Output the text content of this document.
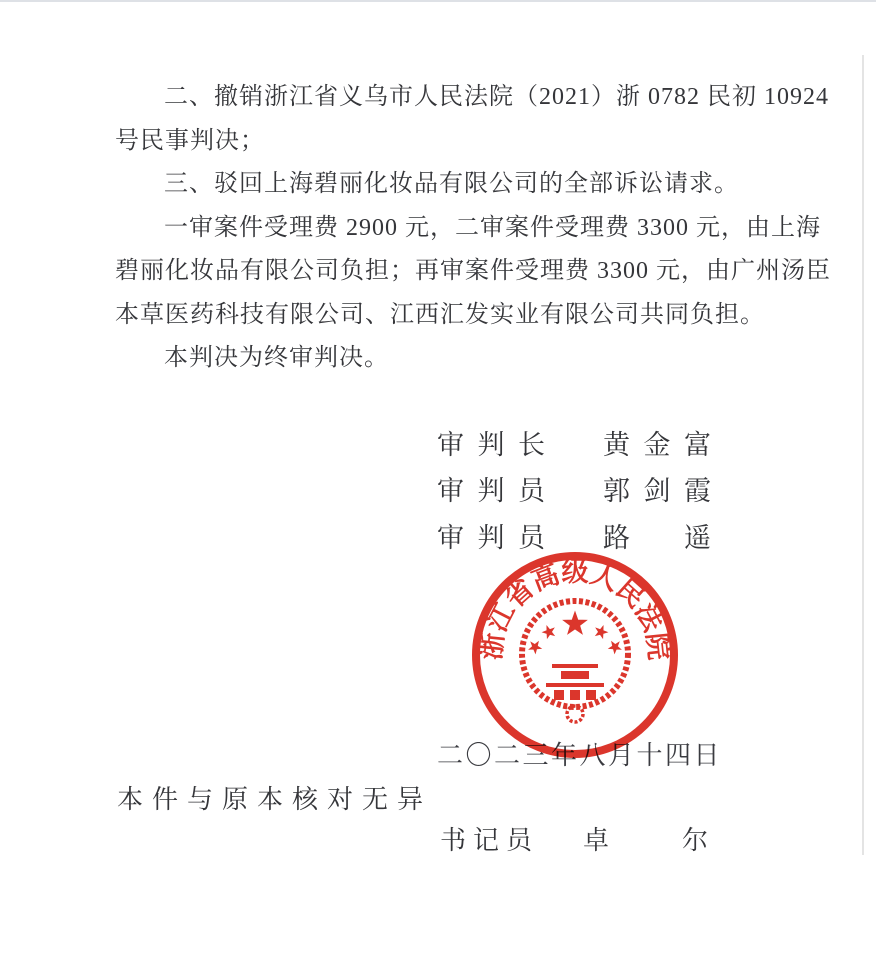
二、撤销浙江省义乌市人民法院（2021）浙 0782 民初 10924
号民事判决；
三、驳回上海碧丽化妆品有限公司的全部诉讼请求。
一审案件受理费 2900 元，二审案件受理费 3300 元，由上海
碧丽化妆品有限公司负担；再审案件受理费 3300 元，由广州汤臣
本草医药科技有限公司、江西汇发实业有限公司共同负担。
本判决为终审判决。
审判长	黄金富
审判员	郭剑霞
审判员	路　遥
二〇二三年八月十四日
本件与原本核对无异
书记员	卓　　尔
浙江省高级人民法院
